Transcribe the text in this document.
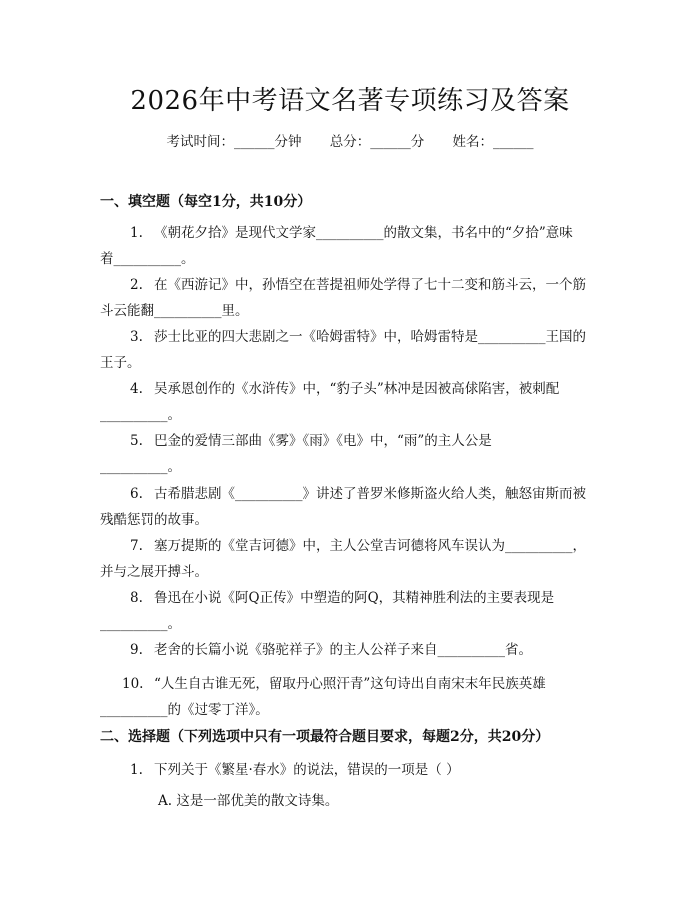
2026年中考语文名著专项练习及答案
考试时间：______分钟 总分：______分 姓名：______
一、填空题（每空1分，共10分）
1. 《朝花夕拾》是现代文学家__________的散文集，书名中的“夕拾”意味
着__________。
2. 在《西游记》中，孙悟空在菩提祖师处学得了七十二变和筋斗云，一个筋
斗云能翻__________里。
3. 莎士比亚的四大悲剧之一《哈姆雷特》中，哈姆雷特是__________王国的
王子。
4. 吴承恩创作的《水浒传》中，“豹子头”林冲是因被高俅陷害，被刺配
__________。
5. 巴金的爱情三部曲《雾》《雨》《电》中，“雨”的主人公是
__________。
6. 古希腊悲剧《__________》讲述了普罗米修斯盗火给人类，触怒宙斯而被
残酷惩罚的故事。
7. 塞万提斯的《堂吉诃德》中，主人公堂吉诃德将风车误认为__________，
并与之展开搏斗。
8. 鲁迅在小说《阿Q正传》中塑造的阿Q，其精神胜利法的主要表现是
__________。
9. 老舍的长篇小说《骆驼祥子》的主人公祥子来自__________省。
10. “人生自古谁无死，留取丹心照汗青”这句诗出自南宋末年民族英雄
__________的《过零丁洋》。
二、选择题（下列选项中只有一项最符合题目要求，每题2分，共20分）
1. 下列关于《繁星·春水》的说法，错误的一项是（ ）
A. 这是一部优美的散文诗集。
